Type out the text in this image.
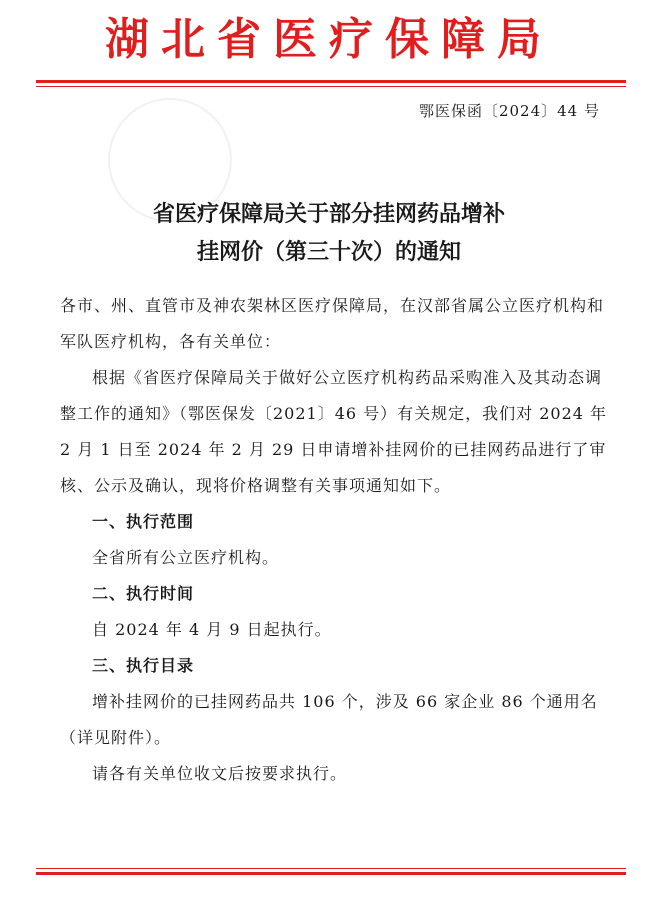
湖北省医疗保障局
鄂医保函〔2024〕44 号
省医疗保障局关于部分挂网药品增补
挂网价（第三十次）的通知

各市、州、直管市及神农架林区医疗保障局，在汉部省属公立医疗机构和军队医疗机构，各有关单位：

根据《省医疗保障局关于做好公立医疗机构药品采购准入及其动态调整工作的通知》（鄂医保发〔2021〕46 号）有关规定，我们对 2024 年 2 月 1 日至 2024 年 2 月 29 日申请增补挂网价的已挂网药品进行了审核、公示及确认，现将价格调整有关事项通知如下。

一、执行范围

全省所有公立医疗机构。

二、执行时间

自 2024 年 4 月 9 日起执行。

三、执行目录

增补挂网价的已挂网药品共 106 个，涉及 66 家企业 86 个通用名（详见附件）。

请各有关单位收文后按要求执行。
